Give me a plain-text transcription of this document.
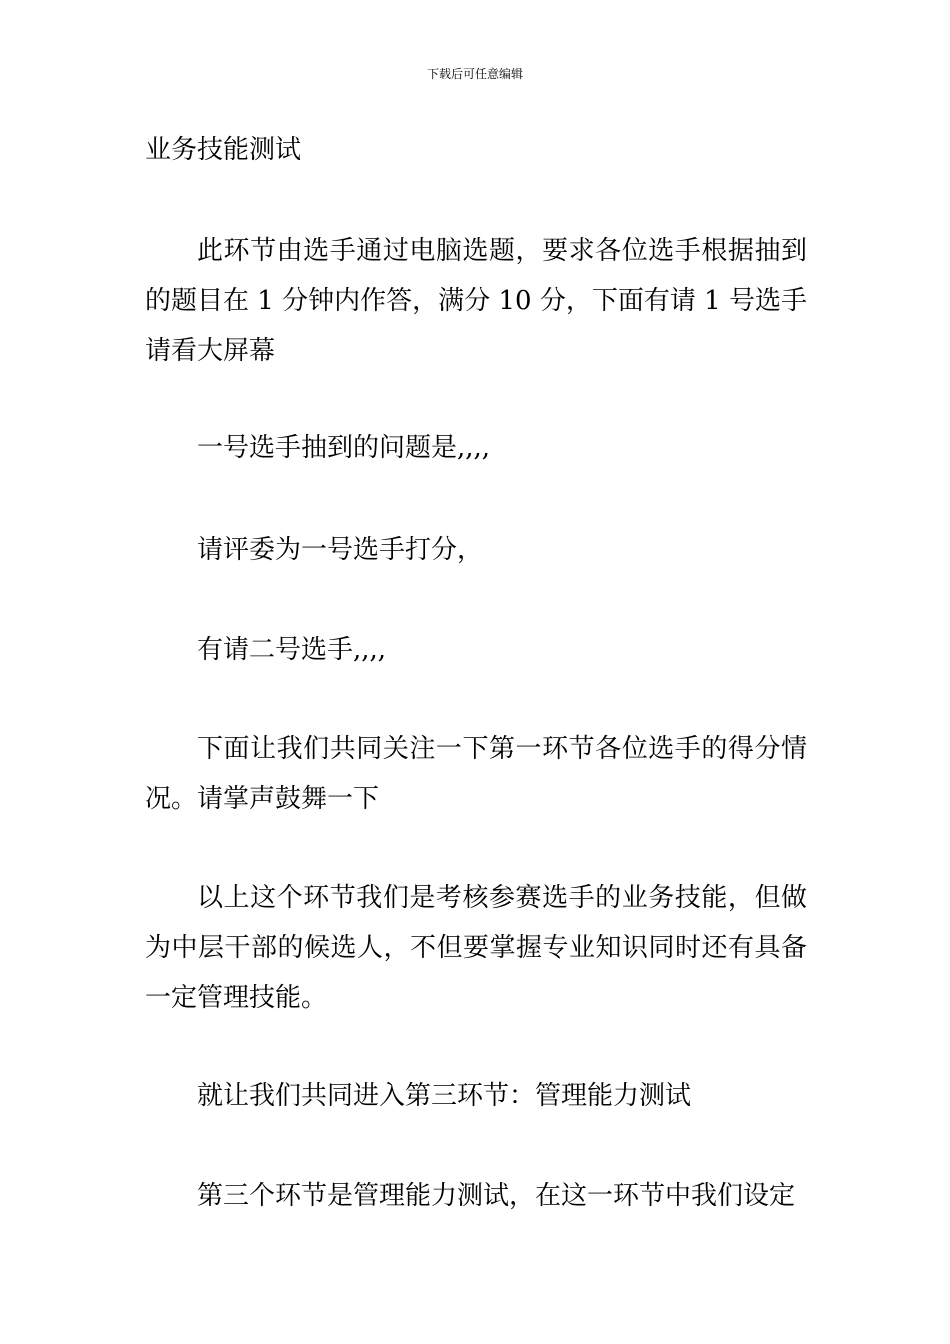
下载后可任意编辑
业务技能测试

此环节由选手通过电脑选题，要求各位选手根据抽到的题目在 1 分钟内作答，满分 10 分，下面有请 1 号选手请看大屏幕

一号选手抽到的问题是,,,,

请评委为一号选手打分，

有请二号选手,,,,

下面让我们共同关注一下第一环节各位选手的得分情况。请掌声鼓舞一下

以上这个环节我们是考核参赛选手的业务技能，但做为中层干部的候选人，不但要掌握专业知识同时还有具备一定管理技能。

就让我们共同进入第三环节：管理能力测试

第三个环节是管理能力测试，在这一环节中我们设定
